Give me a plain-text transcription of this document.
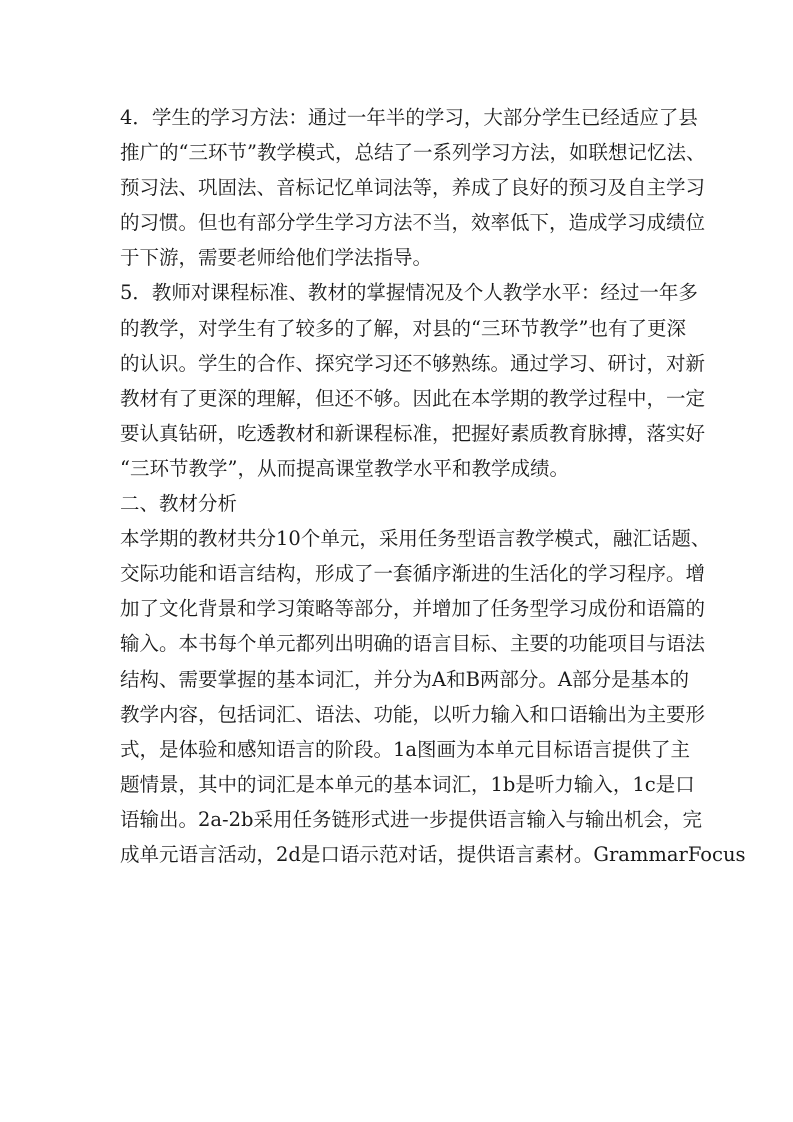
4．学生的学习方法：通过一年半的学习，大部分学生已经适应了县
推广的“三环节”教学模式，总结了一系列学习方法，如联想记忆法、
预习法、巩固法、音标记忆单词法等，养成了良好的预习及自主学习
的习惯。但也有部分学生学习方法不当，效率低下，造成学习成绩位
于下游，需要老师给他们学法指导。
5．教师对课程标准、教材的掌握情况及个人教学水平：经过一年多
的教学，对学生有了较多的了解，对县的“三环节教学”也有了更深
的认识。学生的合作、探究学习还不够熟练。通过学习、研讨，对新
教材有了更深的理解，但还不够。因此在本学期的教学过程中，一定
要认真钻研，吃透教材和新课程标准，把握好素质教育脉搏，落实好
“三环节教学”，从而提高课堂教学水平和教学成绩。
二、教材分析
本学期的教材共分10个单元，采用任务型语言教学模式，融汇话题、
交际功能和语言结构，形成了一套循序渐进的生活化的学习程序。增
加了文化背景和学习策略等部分，并增加了任务型学习成份和语篇的
输入。本书每个单元都列出明确的语言目标、主要的功能项目与语法
结构、需要掌握的基本词汇，并分为A和B两部分。A部分是基本的
教学内容，包括词汇、语法、功能，以听力输入和口语输出为主要形
式，是体验和感知语言的阶段。1a图画为本单元目标语言提供了主
题情景，其中的词汇是本单元的基本词汇，1b是听力输入，1c是口
语输出。2a-2b采用任务链形式进一步提供语言输入与输出机会，完
成单元语言活动，2d是口语示范对话，提供语言素材。GrammarFocus
